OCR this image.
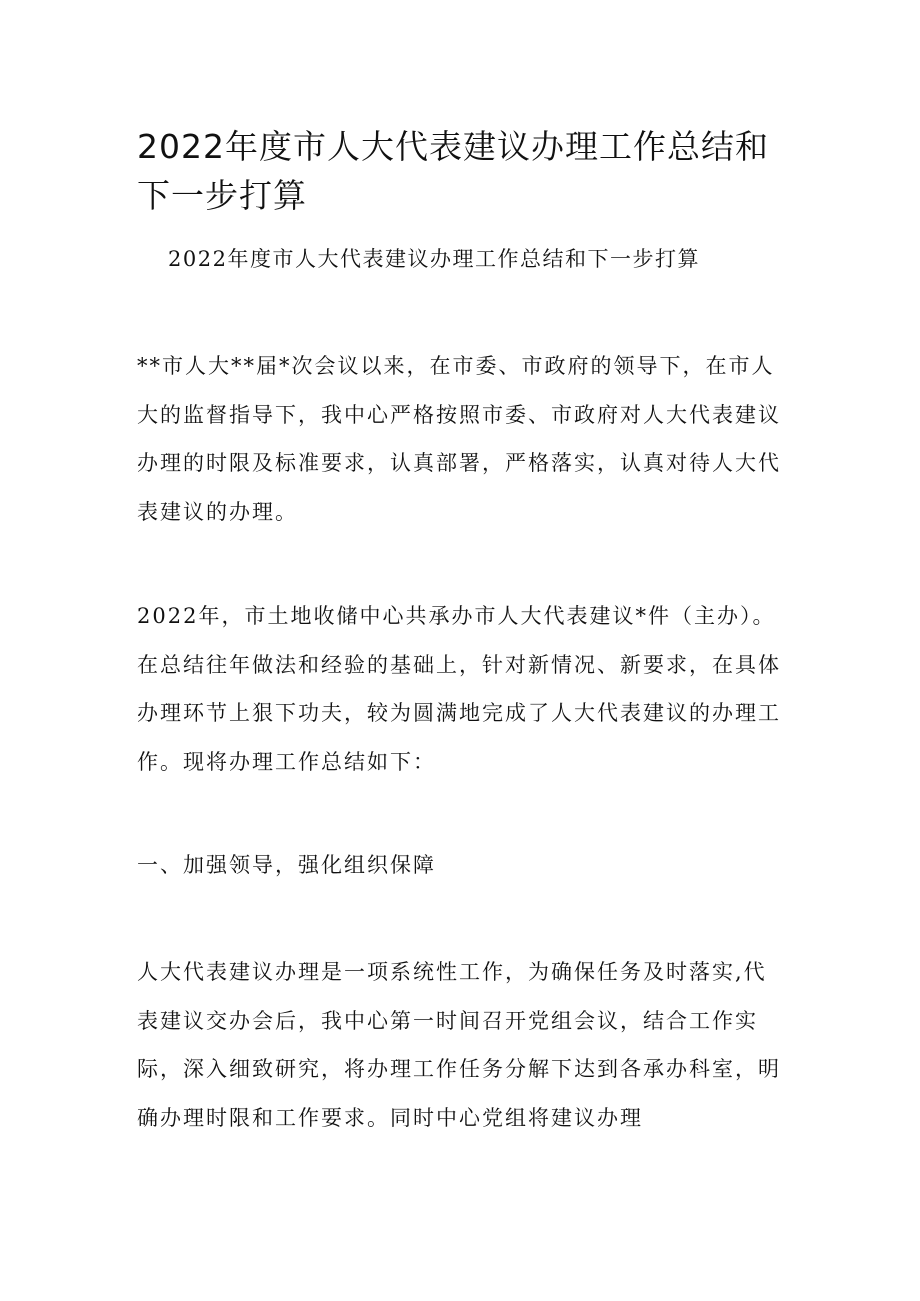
2022年度市人大代表建议办理工作总结和下一步打算

2022年度市人大代表建议办理工作总结和下一步打算

**市人大**届*次会议以来，在市委、市政府的领导下，在市人大的监督指导下，我中心严格按照市委、市政府对人大代表建议办理的时限及标准要求，认真部署，严格落实，认真对待人大代表建议的办理。

2022年，市土地收储中心共承办市人大代表建议*件（主办）。在总结往年做法和经验的基础上，针对新情况、新要求，在具体办理环节上狠下功夫，较为圆满地完成了人大代表建议的办理工作。现将办理工作总结如下：

一、加强领导，强化组织保障

人大代表建议办理是一项系统性工作，为确保任务及时落实,代表建议交办会后，我中心第一时间召开党组会议，结合工作实际，深入细致研究，将办理工作任务分解下达到各承办科室，明确办理时限和工作要求。同时中心党组将建议办理
